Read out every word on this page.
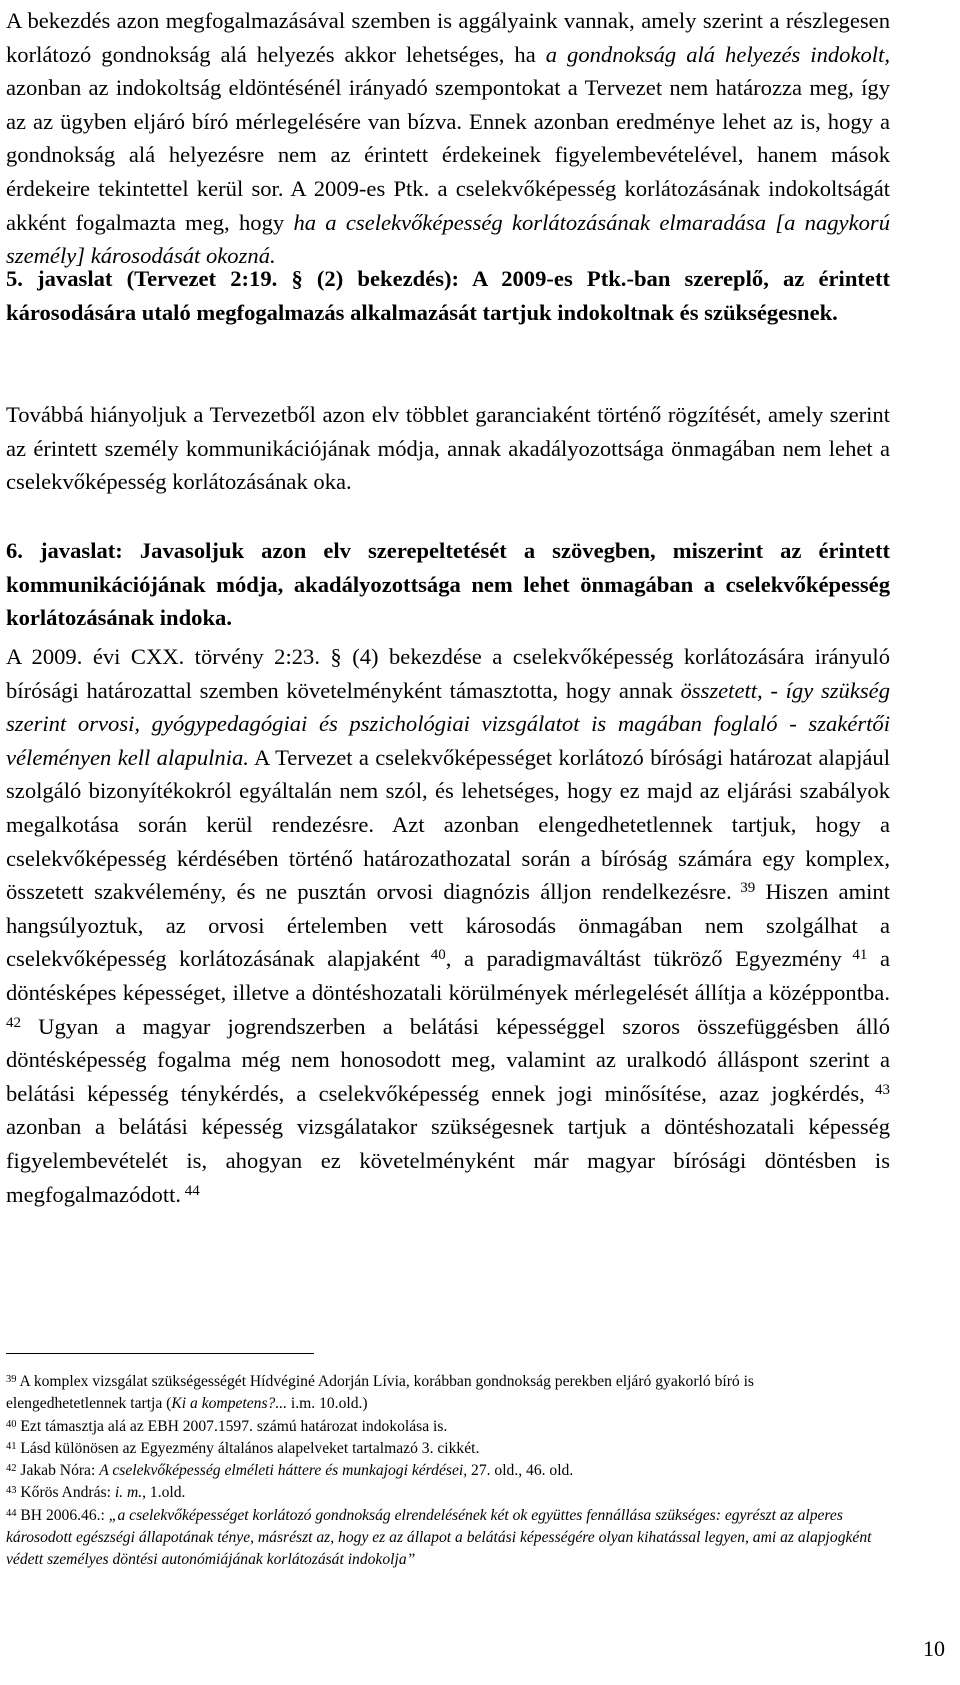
A bekezdés azon megfogalmazásával szemben is aggályaink vannak, amely szerint a részlegesen korlátozó gondnokság alá helyezés akkor lehetséges, ha a gondnokság alá helyezés indokolt, azonban az indokoltság eldöntésénél irányadó szempontokat a Tervezet nem határozza meg, így az az ügyben eljáró bíró mérlegelésére van bízva. Ennek azonban eredménye lehet az is, hogy a gondnokság alá helyezésre nem az érintett érdekeinek figyelembevételével, hanem mások érdekeire tekintettel kerül sor. A 2009-es Ptk. a cselekvőképesség korlátozásának indokoltságát akként fogalmazta meg, hogy ha a cselekvőképesség korlátozásának elmaradása [a nagykorú személy] károsodását okozná.

5. javaslat (Tervezet 2:19. § (2) bekezdés): A 2009-es Ptk.-ban szereplő, az érintett károsodására utaló megfogalmazás alkalmazását tartjuk indokoltnak és szükségesnek.

Továbbá hiányoljuk a Tervezetből azon elv többlet garanciaként történő rögzítését, amely szerint az érintett személy kommunikációjának módja, annak akadályozottsága önmagában nem lehet a cselekvőképesség korlátozásának oka.

6. javaslat: Javasoljuk azon elv szerepeltetését a szövegben, miszerint az érintett kommunikációjának módja, akadályozottsága nem lehet önmagában a cselekvőképesség korlátozásának indoka.

A 2009. évi CXX. törvény 2:23. § (4) bekezdése a cselekvőképesség korlátozására irányuló bírósági határozattal szemben követelményként támasztotta, hogy annak összetett, - így szükség szerint orvosi, gyógypedagógiai és pszichológiai vizsgálatot is magában foglaló - szakértői véleményen kell alapulnia. A Tervezet a cselekvőképességet korlátozó bírósági határozat alapjául szolgáló bizonyítékokról egyáltalán nem szól, és lehetséges, hogy ez majd az eljárási szabályok megalkotása során kerül rendezésre. Azt azonban elengedhetetlennek tartjuk, hogy a cselekvőképesség kérdésében történő határozathozatal során a bíróság számára egy komplex, összetett szakvélemény, és ne pusztán orvosi diagnózis álljon rendelkezésre. $^{39}$ Hiszen amint hangsúlyoztuk, az orvosi értelemben vett károsodás önmagában nem szolgálhat a cselekvőképesség korlátozásának alapjaként $^{40}$, a paradigmaváltást tükröző Egyezmény $^{41}$ a döntésképes képességet, illetve a döntéshozatali körülmények mérlegelését állítja a középpontba. $^{42}$ Ugyan a magyar jogrendszerben a belátási képességgel szoros összefüggésben álló döntésképesség fogalma még nem honosodott meg, valamint az uralkodó álláspont szerint a belátási képesség ténykérdés, a cselekvőképesség ennek jogi minősítése, azaz jogkérdés, $^{43}$ azonban a belátási képesség vizsgálatakor szükségesnek tartjuk a döntéshozatali képesség figyelembevételét is, ahogyan ez követelményként már magyar bírósági döntésben is megfogalmazódott. $^{44}$

$^{39}$ A komplex vizsgálat szükségességét Hídvéginé Adorján Lívia, korábban gondnokság perekben eljáró gyakorló bíró is elengedhetetlennek tartja (Ki a kompetens?... i.m. 10.old.)

$^{40}$ Ezt támasztja alá az EBH 2007.1597. számú határozat indokolása is.

$^{41}$ Lásd különösen az Egyezmény általános alapelveket tartalmazó 3. cikkét.

$^{42}$ Jakab Nóra: A cselekvőképesség elméleti háttere és munkajogi kérdései, 27. old., 46. old.

$^{43}$ Kőrös András: i. m., 1.old.

$^{44}$ BH 2006.46.: „a cselekvőképességet korlátozó gondnokság elrendelésének két ok együttes fennállása szükséges: egyrészt az alperes károsodott egészségi állapotának ténye, másrészt az, hogy ez az állapot a belátási képességére olyan kihatással legyen, ami az alapjogként védett személyes döntési autonómiájának korlátozását indokolja”

10
